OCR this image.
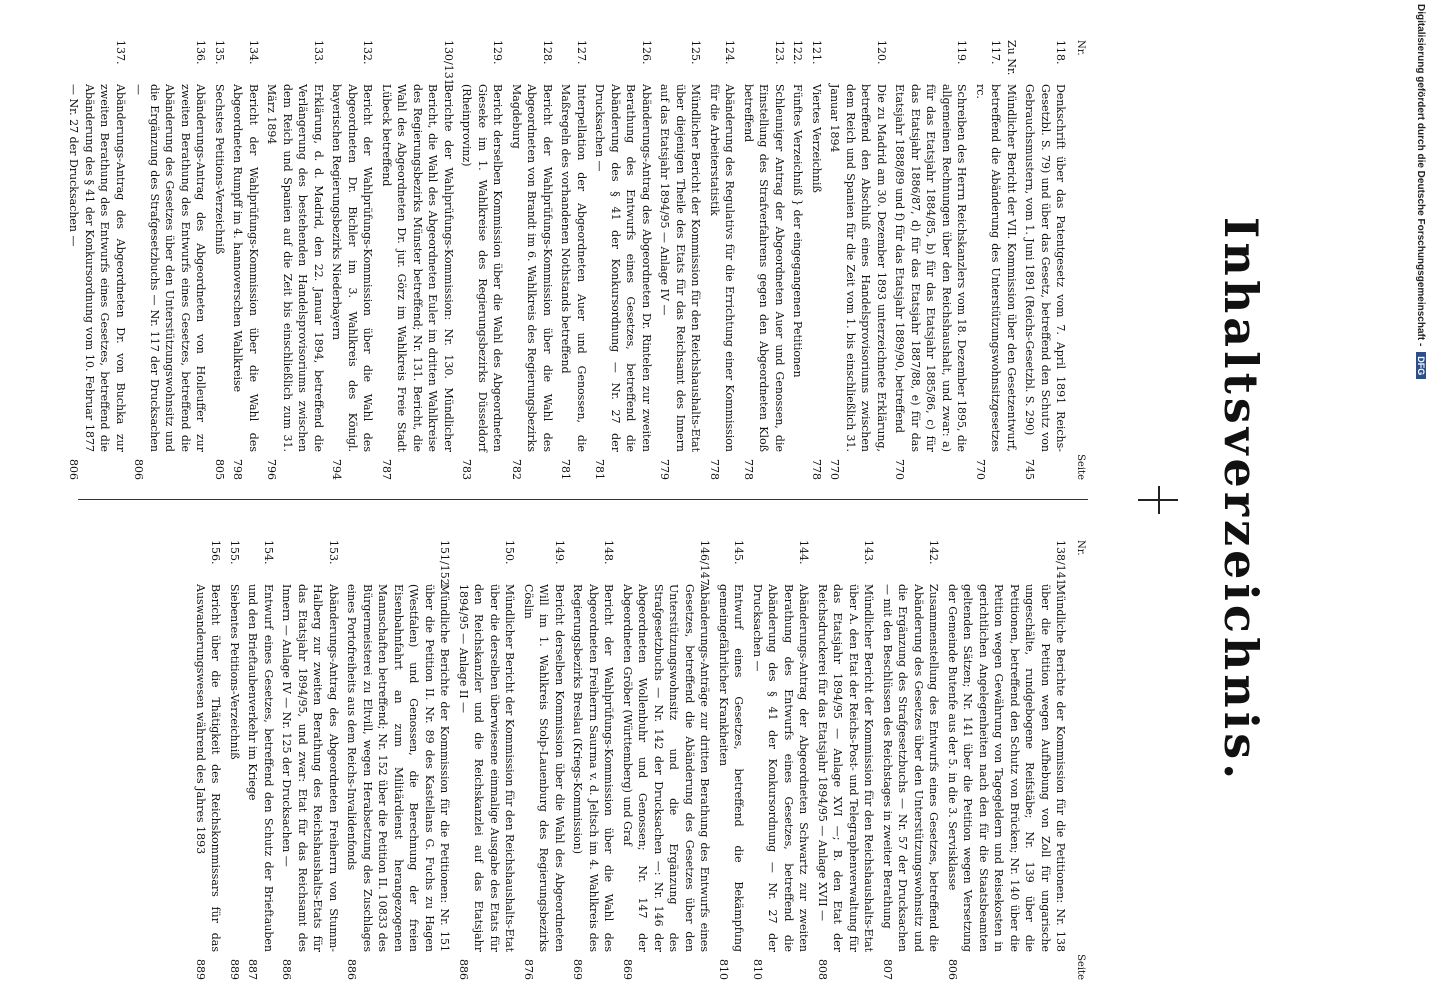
Inhaltsverzeichnis.
Nr.
Seite
118.
Denkschrift über das Patentgesetz vom 7. April 1891 Reichs-Gesetzbl. S. 79) und über das Gesetz, betreffend den Schutz von Gebrauchsmustern, vom 1. Juni 1891 (Reichs-Gesetzbl. S. 290)
745
Zu Nr. 117.
Mündlicher Bericht der VII. Kommission über den Gesetzentwurf, betreffend die Abänderung des Unterstützungswohnsitzgesetzes rc.
770
119.
Schreiben des Herrn Reichskanzlers vom 18. Dezember 1895, die allgemeinen Rechnungen über den Reichshaushalt, und zwar: a) für das Etatsjahr 1884/85, b) für das Etatsjahr 1885/86, c) für das Etatsjahr 1886/87, d) für das Etatsjahr 1887/88, e) für das Etatsjahr 1888/89 und f) für das Etatsjahr 1889/90, betreffend
770
120.
Die zu Madrid am 30. Dezember 1893 unterzeichnete Erklärung, betreffend den Abschluß eines Handelsprovisoriums zwischen dem Reich und Spanien für die Zeit vom 1. bis einschließlich 31. Januar 1894
770
121.
Viertes Verzeichniß
778
122.
Fünftes Verzeichniß } der eingegangenen Petitionen
123.
Schleuniger Antrag der Abgeordneten Auer und Genossen, die Einstellung des Strafverfahrens gegen den Abgeordneten Kloß betreffend
778
124.
Abänderung des Regulativs für die Errichtung einer Kommission für die Arbeiterstatistik
778
125.
Mündlicher Bericht der Kommission für den Reichshaushalts-Etat über diejenigen Theile des Etats für das Reichsamt des Innern auf das Etatsjahr 1894/95 — Anlage IV —
779
126.
Abänderungs-Antrag des Abgeordneten Dr. Rintelen zur zweiten Berathung des Entwurfs eines Gesetzes, betreffend die Abänderung des § 41 der Konkursordnung — Nr. 27 der Drucksachen —
781
127.
Interpellation der Abgeordneten Auer und Genossen, die Maßregeln des vorhandenen Nothstands betreffend
781
128.
Bericht der Wahlprüfungs-Kommission über die Wahl des Abgeordneten von Brandt im 6. Wahlkreis des Regierungsbezirks Magdeburg
782
129.
Bericht derselben Kommission über die Wahl des Abgeordneten Gieseke im 1. Wahlkreise des Regierungsbezirks Düsseldorf (Rheinprovinz)
783
130/131.
Berichte der Wahlprüfungs-Kommission: Nr. 130. Mündlicher Bericht, die Wahl des Abgeordneten Euler im dritten Wahlkreise des Regierungsbezirks Münster betreffend; Nr. 131. Bericht, die Wahl des Abgeordneten Dr. jur. Görz im Wahlkreis Freie Stadt Lübeck betreffend
787
132.
Bericht der Wahlprüfungs-Kommission über die Wahl des Abgeordneten Dr. Bichler im 3. Wahlkreis des Königl. bayerischen Regierungsbezirks Niederbayern
794
133.
Erklärung, d. d. Madrid, den 22. Januar 1894, betreffend die Verlängerung des bestehenden Handelsprovisoriums zwischen dem Reich und Spanien auf die Zeit bis einschließlich zum 31. März 1894
796
134.
Bericht der Wahlprüfungs-Kommission über die Wahl des Abgeordneten Rumpff im 4. hannoverschen Wahlkreise
798
135.
Sechstes Petitions-Verzeichniß
805
136.
Abänderungs-Antrag des Abgeordneten von Holleuffer zur zweiten Berathung des Entwurfs eines Gesetzes, betreffend die Abänderung des Gesetzes über den Unterstützungswohnsitz und die Ergänzung des Strafgesetzbuchs — Nr. 117 der Drucksachen —
806
137.
Abänderungs-Antrag des Abgeordneten Dr. von Buchka zur zweiten Berathung des Entwurfs eines Gesetzes, betreffend die Abänderung des § 41 der Konkursordnung vom 10. Februar 1877 — Nr. 27 der Drucksachen —
806
Nr.
Seite
138/141.
Mündliche Berichte der Kommission für die Petitionen: Nr. 138 über die Petition wegen Aufhebung von Zoll für ungarische ungeschälte, rundgebogene Reifstäbe; Nr. 139 über die Petitionen, betreffend den Schutz von Brücken; Nr. 140 über die Petition wegen Gewährung von Tagegeldern und Reisekosten in gerichtlichen Angelegenheiten nach den für die Staatsbeamten geltenden Sätzen; Nr. 141 über die Petition wegen Versetzung der Gemeinde Butenfe aus der 5. in die 3. Servisklasse
806
142.
Zusammenstellung des Entwurfs eines Gesetzes, betreffend die Abänderung des Gesetzes über den Unterstützungswohnsitz und die Ergänzung des Strafgesetzbuchs — Nr. 57 der Drucksachen — mit den Beschlüssen des Reichstages in zweiter Berathung
807
143.
Mündlicher Bericht der Kommission für den Reichshaushalts-Etat über A. den Etat der Reichs-Post- und Telegraphenverwaltung für das Etatsjahr 1894/95 — Anlage XVI —; B. den Etat der Reichsdruckerei für das Etatsjahr 1894/95 — Anlage XVII —
808
144.
Abänderungs-Antrag der Abgeordneten Schwartz zur zweiten Berathung des Entwurfs eines Gesetzes, betreffend die Abänderung des § 41 der Konkursordnung — Nr. 27 der Drucksachen —
810
145.
Entwurf eines Gesetzes, betreffend die Bekämpfung gemeingefährlicher Krankheiten
810
146/147.
Abänderungs-Anträge zur dritten Berathung des Entwurfs eines Gesetzes, betreffend die Abänderung des Gesetzes über den Unterstützungswohnsitz und die Ergänzung des Strafgesetzbuchs — Nr. 142 der Drucksachen —: Nr. 146 der Abgeordneten Wollenbuhr und Genossen; Nr. 147 der Abgeordneten Gröber (Württemberg) und Graf
869
148.
Bericht der Wahlprüfungs-Kommission über die Wahl des Abgeordneten Freiherrn Saurma v. d. Jeltsch im 4. Wahlkreis des Regierungsbezirks Breslau (Kriegs-Kommission)
869
149.
Bericht derselben Kommission über die Wahl des Abgeordneten Will im 1. Wahlkreis Stolp-Lauenburg des Regierungsbezirks Cöslin
876
150.
Mündlicher Bericht der Kommission für den Reichshaushalts-Etat über die derselben überwiesene einmalige Ausgabe des Etats für den Reichskanzler und die Reichskanzlei auf das Etatsjahr 1894/95 — Anlage II —
886
151/152.
Mündliche Berichte der Kommission für die Petitionen: Nr. 151 über die Petition II. Nr. 89 des Kastellans G. Fuchs zu Hagen (Westfalen) und Genossen, die Berechnung der freien Eisenbahnfahrt an zum Militärdienst herangezogenen Mannschaften betreffend; Nr. 152 über die Petition II. 10833 des Bürgermeisterei zu Eltvill, wegen Herabsetzung des Zuschlages eines Portofreiheits aus dem Reichs-Invalidenfonds
886
153.
Abänderungs-Antrag des Abgeordneten Freiherrn von Stumm-Halberg zur zweiten Berathung des Reichshaushalts-Etats für das Etatsjahr 1894/95, und zwar: Etat für das Reichsamt des Innern — Anlage IV — Nr. 125 der Drucksachen —
886
154.
Entwurf eines Gesetzes, betreffend den Schutz der Brieftauben und den Brieftaubenverkehr im Kriege
887
155.
Siebentes Petitions-Verzeichniß
889
156.
Bericht über die Thätigkeit des Reichskommissars für das Auswanderungswesen während des Jahres 1893
889
Digitalisierung gefördert durch die Deutsche Forschungsgemeinschaft -DFG
